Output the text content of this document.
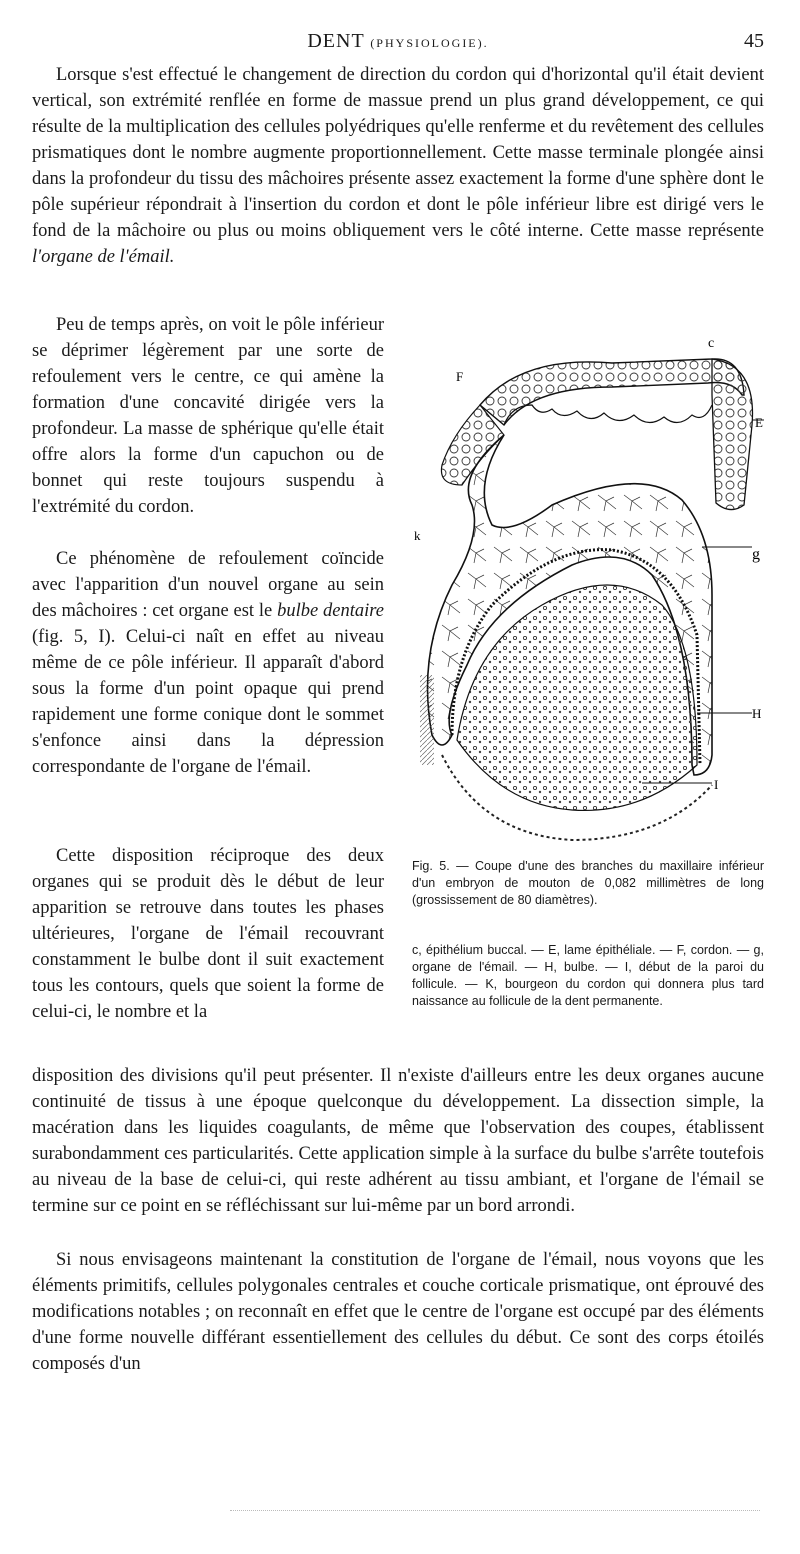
DENT (PHYSIOLOGIE).	45

Lorsque s'est effectué le changement de direction du cordon qui d'horizontal qu'il était devient vertical, son extrémité renflée en forme de massue prend un plus grand développement, ce qui résulte de la multiplication des cellules polyédriques qu'elle renferme et du revêtement des cellules prismatiques dont le nombre augmente proportionnellement. Cette masse terminale plongée ainsi dans la profondeur du tissu des mâchoires présente assez exactement la forme d'une sphère dont le pôle supérieur répondrait à l'insertion du cordon et dont le pôle inférieur libre est dirigé vers le fond de la mâchoire ou plus ou moins obliquement vers le côté interne. Cette masse représente l'organe de l'émail.

Peu de temps après, on voit le pôle inférieur se déprimer légèrement par une sorte de refoulement vers le centre, ce qui amène la formation d'une concavité dirigée vers la profondeur. La masse de sphérique qu'elle était offre alors la forme d'un capuchon ou de bonnet qui reste toujours suspendu à l'extrémité du cordon.

Ce phénomène de refoulement coïncide avec l'apparition d'un nouvel organe au sein des mâchoires : cet organe est le bulbe dentaire (fig. 5, I). Celui-ci naît en effet au niveau même de ce pôle inférieur. Il apparaît d'abord sous la forme d'un point opaque qui prend rapidement une forme conique dont le sommet s'enfonce ainsi dans la dépression correspondante de l'organe de l'émail.

Cette disposition réciproque des deux organes qui se produit dès le début de leur apparition se retrouve dans toutes les phases ultérieures, l'organe de l'émail recouvrant constamment le bulbe dont il suit exactement tous les contours, quels que soient la forme de celui-ci, le nombre et la

disposition des divisions qu'il peut présenter. Il n'existe d'ailleurs entre les deux organes aucune continuité de tissus à une époque quelconque du développement. La dissection simple, la macération dans les liquides coagulants, de même que l'observation des coupes, établissent surabondamment ces particularités. Cette application simple à la surface du bulbe s'arrête toutefois au niveau de la base de celui-ci, qui reste adhérent au tissu ambiant, et l'organe de l'émail se termine sur ce point en se réfléchissant sur lui-même par un bord arrondi.

Si nous envisageons maintenant la constitution de l'organe de l'émail, nous voyons que les éléments primitifs, cellules polygonales centrales et couche corticale prismatique, ont éprouvé des modifications notables ; on reconnaît en effet que le centre de l'organe est occupé par des éléments d'une forme nouvelle différant essentiellement des cellules du début. Ce sont des corps étoilés composés d'un

c
E
F
k
g
H
I

Fig. 5. — Coupe d'une des branches du maxillaire inférieur d'un embryon de mouton de 0,082 millimètres de long (grossissement de 80 diamètres).

c, épithélium buccal. — E, lame épithéliale. — F, cordon. — g, organe de l'émail. — H, bulbe. — I, début de la paroi du follicule. — K, bourgeon du cordon qui donnera plus tard naissance au follicule de la dent permanente.
